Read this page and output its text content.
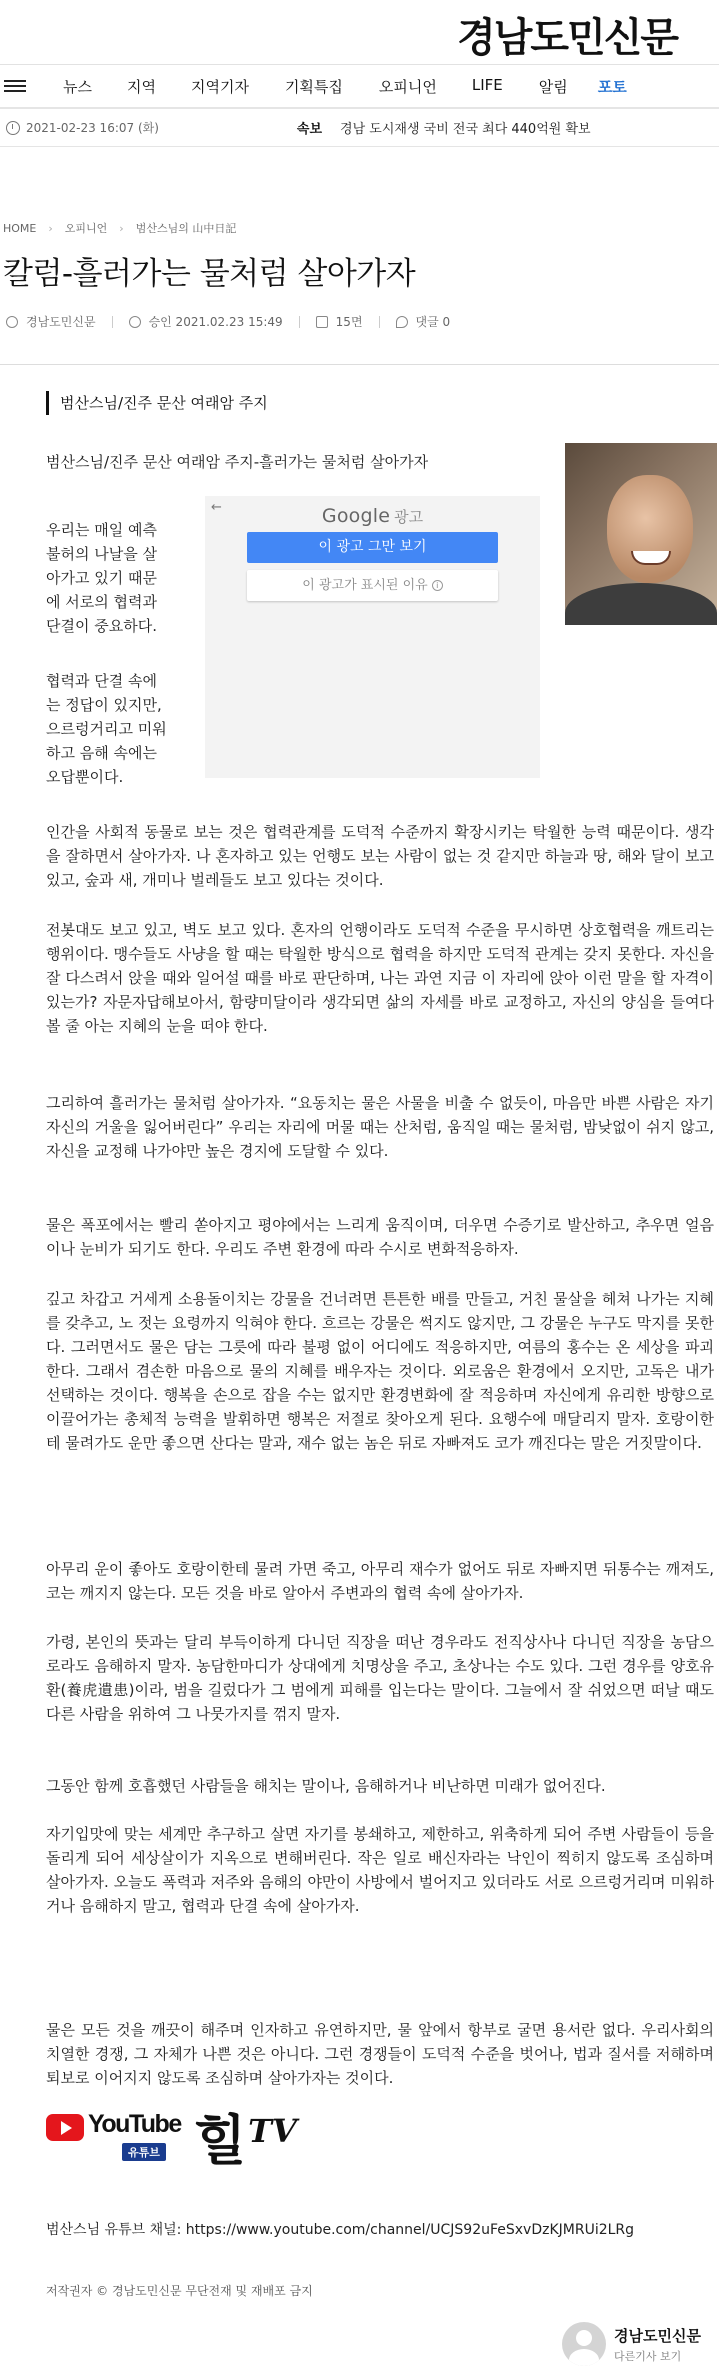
경남도민신문
뉴스 지역 지역기자 기획특집 오피니언 LIFE 알림 포토
2021-02-23 16:07 (화)	속보 경남 도시재생 국비 전국 최다 440억원 확보
HOME › 오피니언 › 범산스님의 山中日記
칼럼-흘러가는 물처럼 살아가자
경남도민신문	승인 2021.02.23 15:49	15면	댓글 0
범산스님/진주 문산 여래암 주지
범산스님/진주 문산 여래암 주지-흘러가는 물처럼 살아가자
←	Google 광고
이 광고 그만 보기
이 광고가 표시된 이유 i

우리는 매일 예측

불허의 나날을 살

아가고 있기 때문

에 서로의 협력과

단결이 중요하다.

협력과 단결 속에

는 정답이 있지만,

으르렁거리고 미워

하고 음해 속에는

오답뿐이다.

인간을 사회적 동물로 보는 것은 협력관계를 도덕적 수준까지 확장시키는 탁월한 능력 때문이다. 생각을 잘하면서 살아가자. 나 혼자하고 있는 언행도 보는 사람이 없는 것 같지만 하늘과 땅, 해와 달이 보고 있고, 숲과 새, 개미나 벌레들도 보고 있다는 것이다.

전봇대도 보고 있고, 벽도 보고 있다. 혼자의 언행이라도 도덕적 수준을 무시하면 상호협력을 깨트리는 행위이다. 맹수들도 사냥을 할 때는 탁월한 방식으로 협력을 하지만 도덕적 관계는 갖지 못한다. 자신을 잘 다스려서 앉을 때와 일어설 때를 바로 판단하며, 나는 과연 지금 이 자리에 앉아 이런 말을 할 자격이 있는가? 자문자답해보아서, 함량미달이라 생각되면 삶의 자세를 바로 교정하고, 자신의 양심을 들여다볼 줄 아는 지혜의 눈을 떠야 한다.

그리하여 흘러가는 물처럼 살아가자. “요동치는 물은 사물을 비출 수 없듯이, 마음만 바쁜 사람은 자기 자신의 거울을 잃어버린다” 우리는 자리에 머물 때는 산처럼, 움직일 때는 물처럼, 밤낮없이 쉬지 않고, 자신을 교정해 나가야만 높은 경지에 도달할 수 있다.

물은 폭포에서는 빨리 쏟아지고 평야에서는 느리게 움직이며, 더우면 수증기로 발산하고, 추우면 얼음이나 눈비가 되기도 한다. 우리도 주변 환경에 따라 수시로 변화적응하자.

깊고 차갑고 거세게 소용돌이치는 강물을 건너려면 튼튼한 배를 만들고, 거친 물살을 헤쳐 나가는 지혜를 갖추고, 노 젓는 요령까지 익혀야 한다. 흐르는 강물은 썩지도 않지만, 그 강물은 누구도 막지를 못한다. 그러면서도 물은 담는 그릇에 따라 불평 없이 어디에도 적응하지만, 여름의 홍수는 온 세상을 파괴한다. 그래서 겸손한 마음으로 물의 지혜를 배우자는 것이다. 외로움은 환경에서 오지만, 고독은 내가 선택하는 것이다. 행복을 손으로 잡을 수는 없지만 환경변화에 잘 적응하며 자신에게 유리한 방향으로 이끌어가는 총체적 능력을 발휘하면 행복은 저절로 찾아오게 된다. 요행수에 매달리지 말자. 호랑이한테 물려가도 운만 좋으면 산다는 말과, 재수 없는 놈은 뒤로 자빠져도 코가 깨진다는 말은 거짓말이다.

아무리 운이 좋아도 호랑이한테 물려 가면 죽고, 아무리 재수가 없어도 뒤로 자빠지면 뒤통수는 깨져도, 코는 깨지지 않는다. 모든 것을 바로 알아서 주변과의 협력 속에 살아가자.

가령, 본인의 뜻과는 달리 부득이하게 다니던 직장을 떠난 경우라도 전직상사나 다니던 직장을 농담으로라도 음해하지 말자. 농담한마디가 상대에게 치명상을 주고, 초상나는 수도 있다. 그런 경우를 양호유환(養虎遺患)이라, 범을 길렀다가 그 범에게 피해를 입는다는 말이다. 그늘에서 잘 쉬었으면 떠날 때도 다른 사람을 위하여 그 나뭇가지를 꺾지 말자.

그동안 함께 호흡했던 사람들을 해치는 말이나, 음해하거나 비난하면 미래가 없어진다.

자기입맛에 맞는 세계만 추구하고 살면 자기를 봉쇄하고, 제한하고, 위축하게 되어 주변 사람들이 등을 돌리게 되어 세상살이가 지옥으로 변해버린다. 작은 일로 배신자라는 낙인이 찍히지 않도록 조심하며 살아가자. 오늘도 폭력과 저주와 음해의 야만이 사방에서 벌어지고 있더라도 서로 으르렁거리며 미워하거나 음해하지 말고, 협력과 단결 속에 살아가자.

물은 모든 것을 깨끗이 해주며 인자하고 유연하지만, 물 앞에서 항부로 굴면 용서란 없다. 우리사회의 치열한 경쟁, 그 자체가 나쁜 것은 아니다. 그런 경쟁들이 도덕적 수준을 벗어나, 법과 질서를 저해하며 퇴보로 이어지지 않도록 조심하며 살아가자는 것이다.

YouTube
유튜브 힐 TV
범산스님 유튜브 채널: https://www.youtube.com/channel/UCJS92uFeSxvDzKJMRUi2LRg
저작권자 © 경남도민신문 무단전재 및 재배포 금지
경남도민신문
다른기사 보기
